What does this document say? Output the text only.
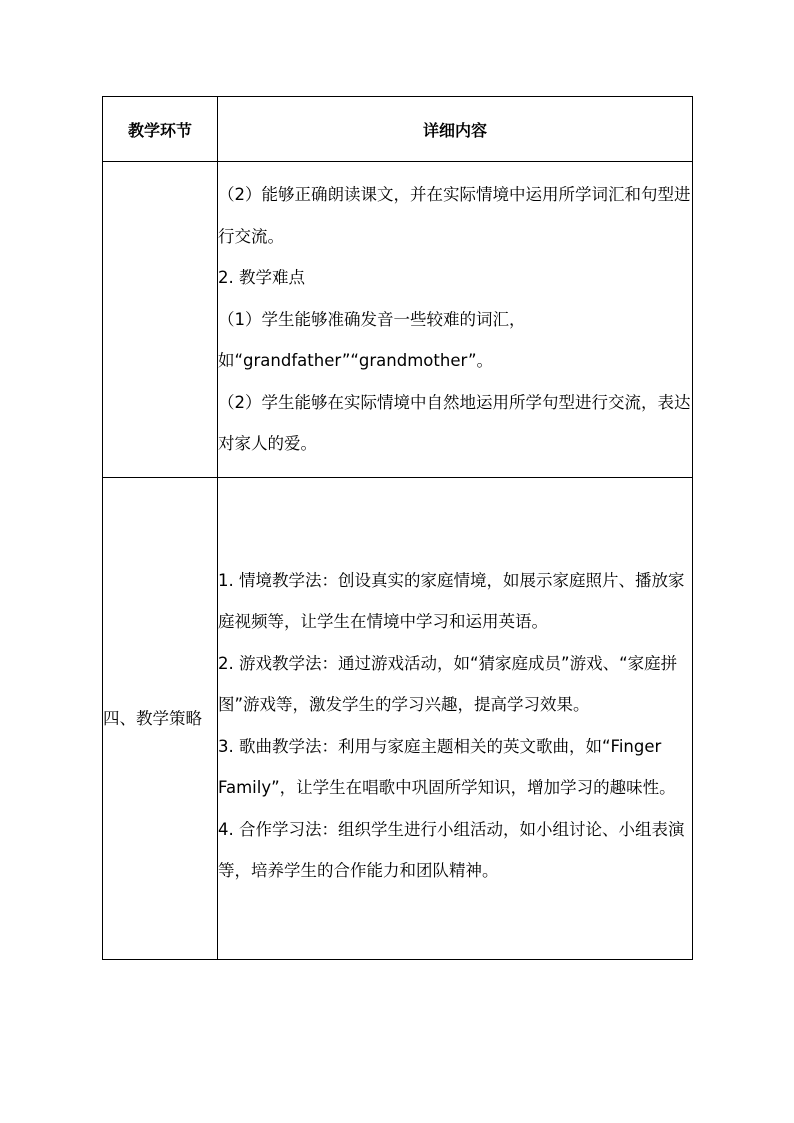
教学环节	详细内容

	（2）能够正确朗读课文，并在实际情境中运用所学词汇和句型进行交流。

2. 教学难点

（1）学生能够准确发音一些较难的词汇，如“grandfather”“grandmother”。

（2）学生能够在实际情境中自然地运用所学句型进行交流，表达对家人的爱。

四、教学策略	1. 情境教学法：创设真实的家庭情境，如展示家庭照片、播放家庭视频等，让学生在情境中学习和运用英语。

2. 游戏教学法：通过游戏活动，如“猜家庭成员”游戏、“家庭拼图”游戏等，激发学生的学习兴趣，提高学习效果。

3. 歌曲教学法：利用与家庭主题相关的英文歌曲，如“Finger Family”，让学生在唱歌中巩固所学知识，增加学习的趣味性。

4. 合作学习法：组织学生进行小组活动，如小组讨论、小组表演等，培养学生的合作能力和团队精神。
